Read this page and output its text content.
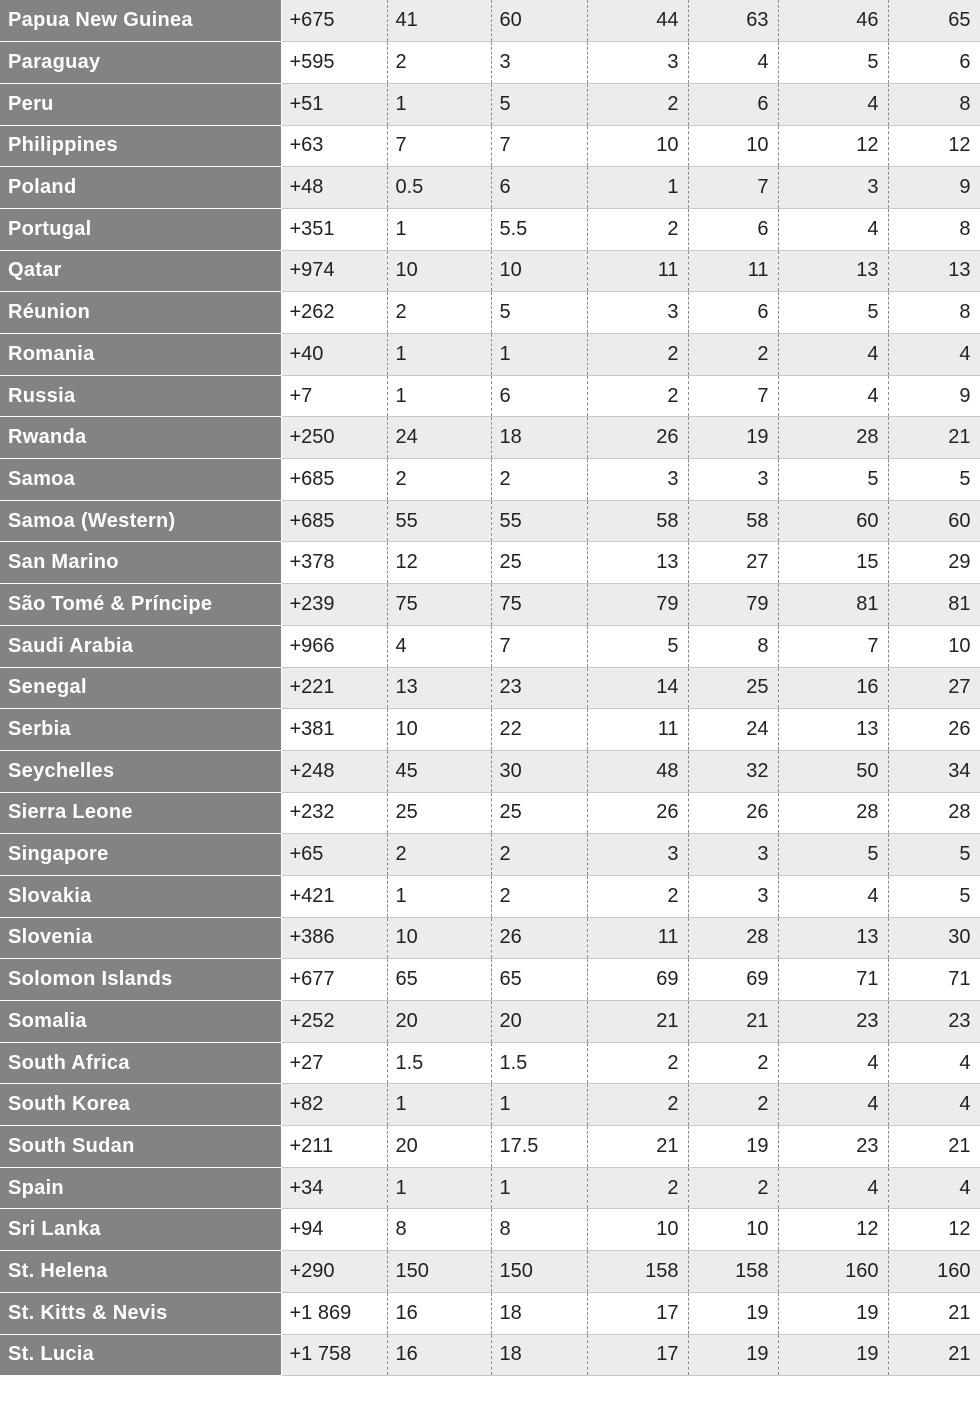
Papua New Guinea	+675	41	60	44	63	46	65
Paraguay	+595	2	3	3	4	5	6
Peru	+51	1	5	2	6	4	8
Philippines	+63	7	7	10	10	12	12
Poland	+48	0.5	6	1	7	3	9
Portugal	+351	1	5.5	2	6	4	8
Qatar	+974	10	10	11	11	13	13
Réunion	+262	2	5	3	6	5	8
Romania	+40	1	1	2	2	4	4
Russia	+7	1	6	2	7	4	9
Rwanda	+250	24	18	26	19	28	21
Samoa	+685	2	2	3	3	5	5
Samoa (Western)	+685	55	55	58	58	60	60
San Marino	+378	12	25	13	27	15	29
São Tomé & Príncipe	+239	75	75	79	79	81	81
Saudi Arabia	+966	4	7	5	8	7	10
Senegal	+221	13	23	14	25	16	27
Serbia	+381	10	22	11	24	13	26
Seychelles	+248	45	30	48	32	50	34
Sierra Leone	+232	25	25	26	26	28	28
Singapore	+65	2	2	3	3	5	5
Slovakia	+421	1	2	2	3	4	5
Slovenia	+386	10	26	11	28	13	30
Solomon Islands	+677	65	65	69	69	71	71
Somalia	+252	20	20	21	21	23	23
South Africa	+27	1.5	1.5	2	2	4	4
South Korea	+82	1	1	2	2	4	4
South Sudan	+211	20	17.5	21	19	23	21
Spain	+34	1	1	2	2	4	4
Sri Lanka	+94	8	8	10	10	12	12
St. Helena	+290	150	150	158	158	160	160
St. Kitts & Nevis	+1 869	16	18	17	19	19	21
St. Lucia	+1 758	16	18	17	19	19	21
